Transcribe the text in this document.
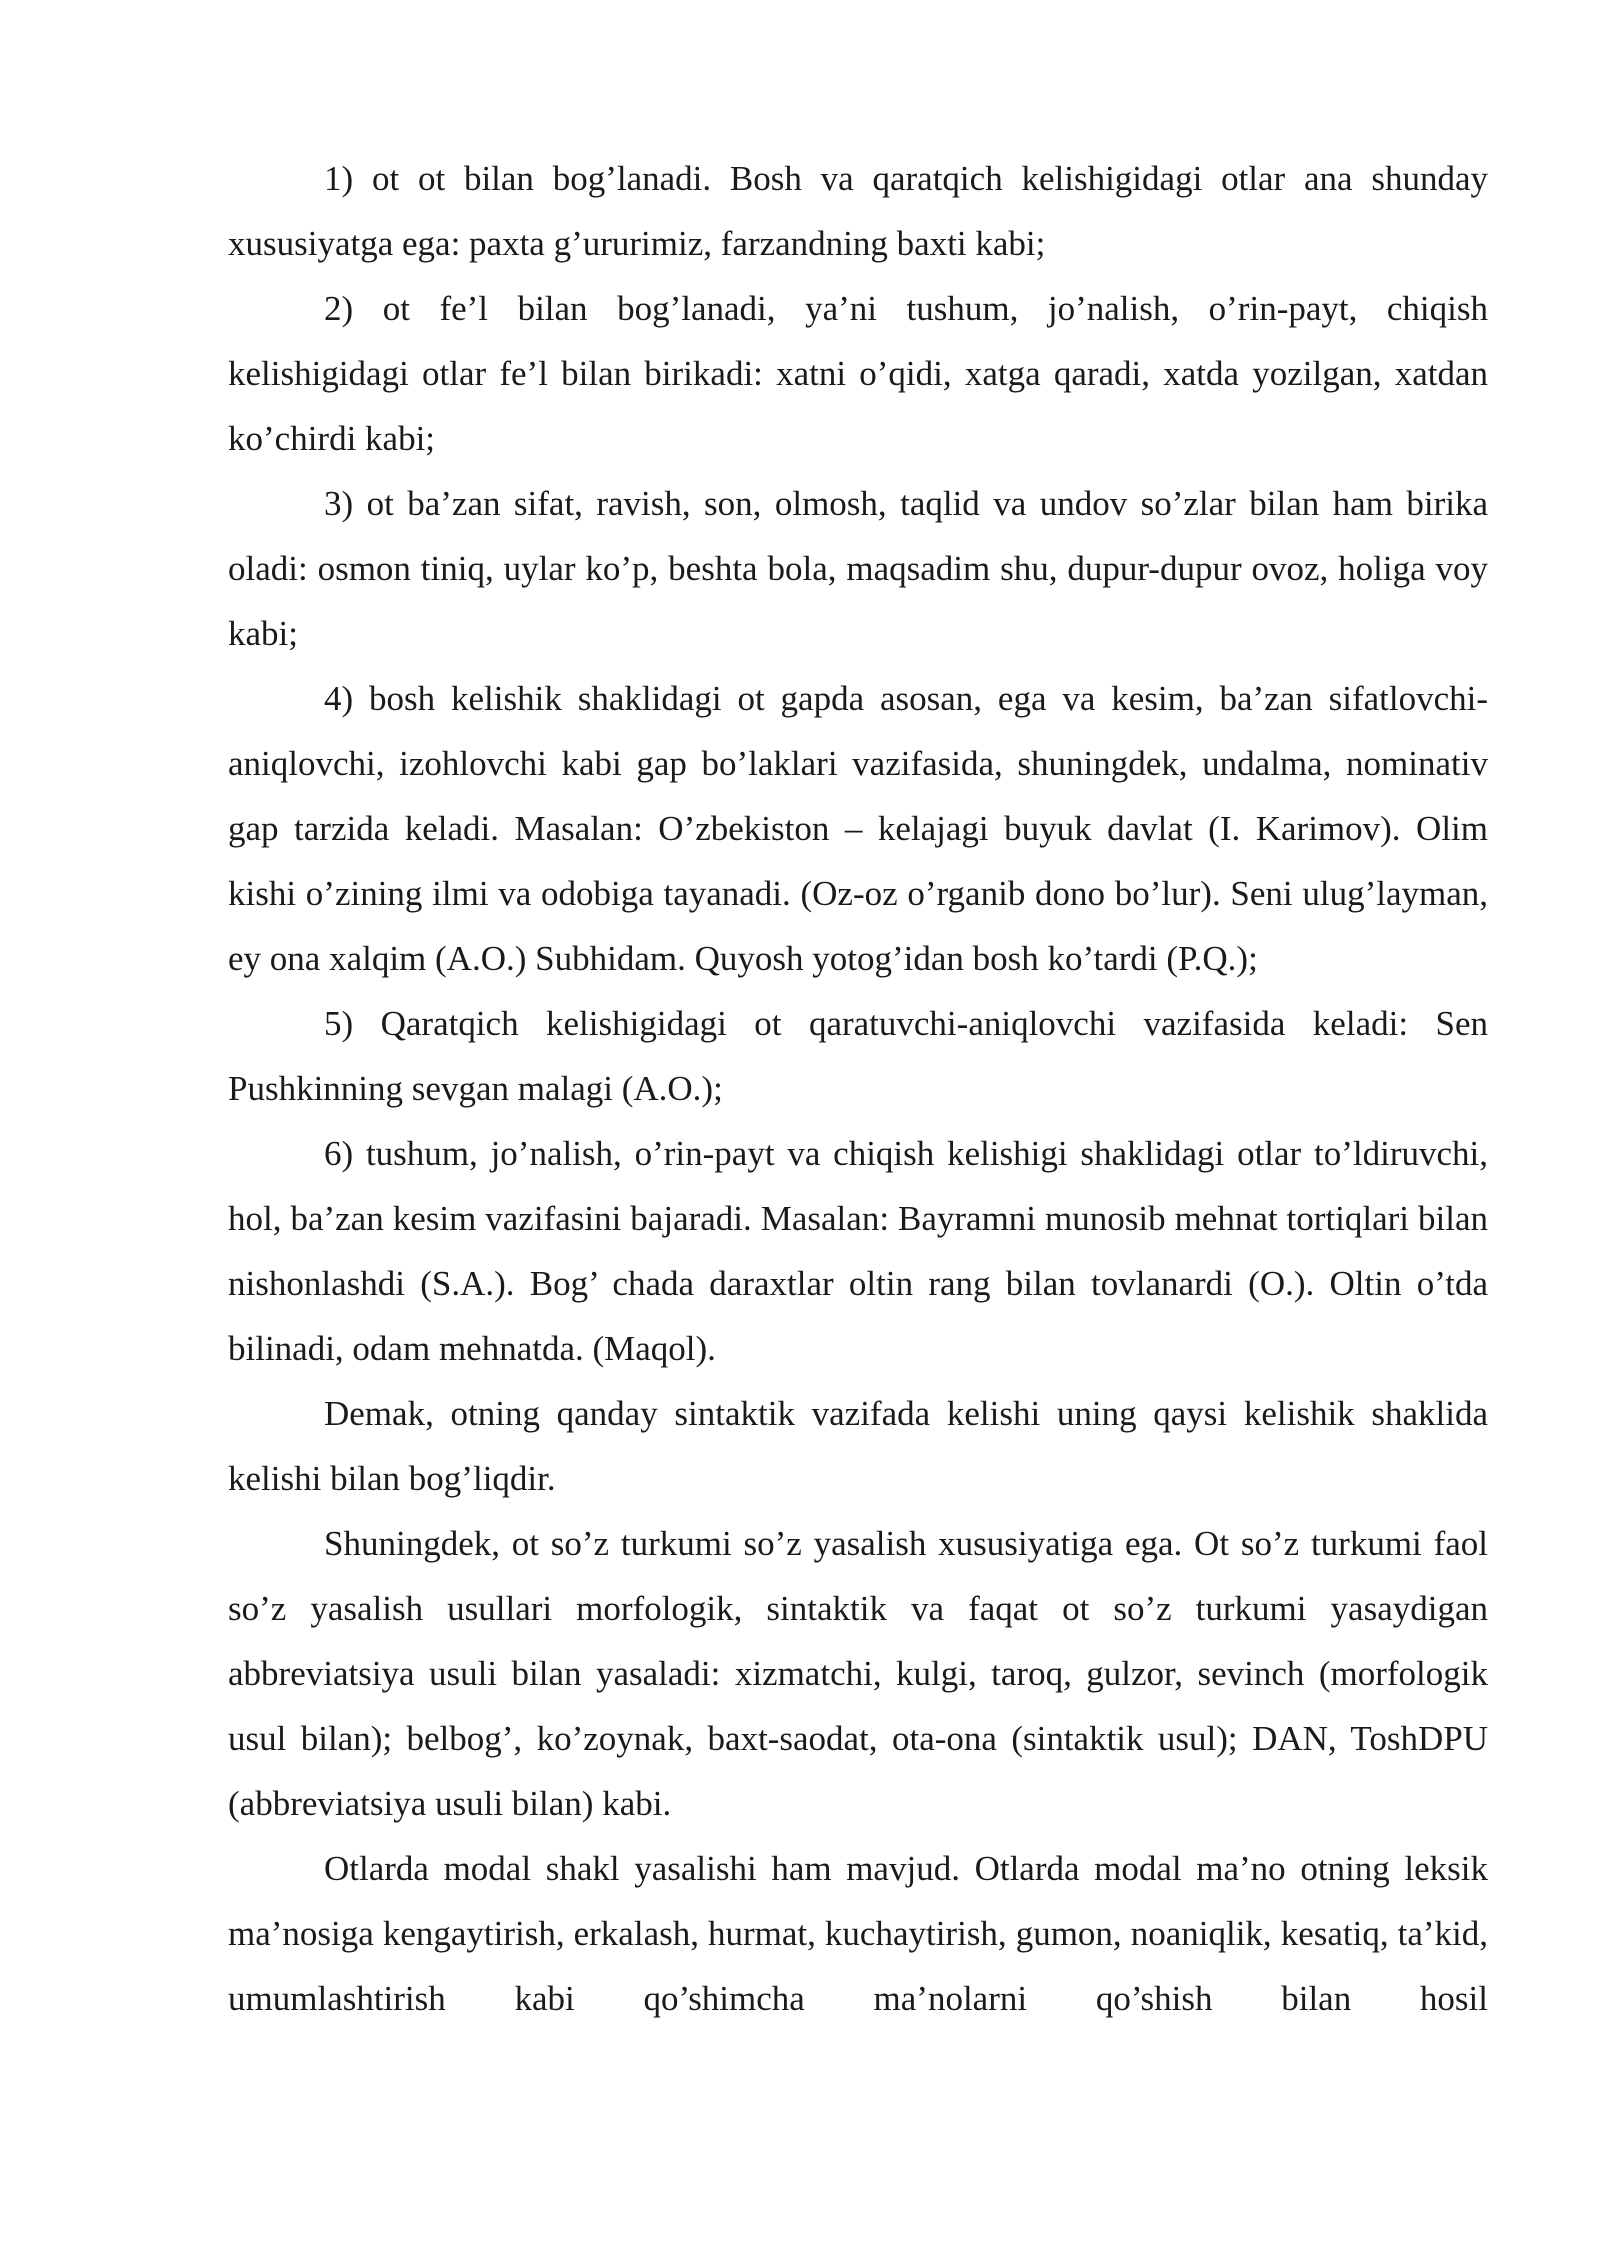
1) ot ot bilan bog’lanadi. Bosh va qaratqich kelishigidagi otlar ana shunday xususiyatga ega: paxta g’ururimiz, farzandning baxti kabi;

2) ot fe’l bilan bog’lanadi, ya’ni tushum, jo’nalish, o’rin-payt, chiqish kelishigidagi otlar fe’l bilan birikadi: xatni o’qidi, xatga qaradi, xatda yozilgan, xatdan ko’chirdi kabi;

3) ot ba’zan sifat, ravish, son, olmosh, taqlid va undov so’zlar bilan ham birika oladi: osmon tiniq, uylar ko’p, beshta bola, maqsadim shu, dupur-dupur ovoz, holiga voy kabi;

4) bosh kelishik shaklidagi ot gapda asosan, ega va kesim, ba’zan sifatlovchi-aniqlovchi, izohlovchi kabi gap bo’laklari vazifasida, shuningdek, undalma, nominativ gap tarzida keladi. Masalan: O’zbekiston – kelajagi buyuk davlat (I. Karimov). Olim kishi o’zining ilmi va odobiga tayanadi. (Oz-oz o’rganib dono bo’lur). Seni ulug’layman, ey ona xalqim (A.O.) Subhidam. Quyosh yotog’idan bosh ko’tardi (P.Q.);

5) Qaratqich kelishigidagi ot qaratuvchi-aniqlovchi vazifasida keladi: Sen Pushkinning sevgan malagi (A.O.);

6) tushum, jo’nalish, o’rin-payt va chiqish kelishigi shaklidagi otlar to’ldiruvchi, hol, ba’zan kesim vazifasini bajaradi. Masalan: Bayramni munosib mehnat tortiqlari bilan nishonlashdi (S.A.). Bog’ chada daraxtlar oltin rang bilan tovlanardi (O.). Oltin o’tda bilinadi, odam mehnatda. (Maqol).

Demak, otning qanday sintaktik vazifada kelishi uning qaysi kelishik shaklida kelishi bilan bog’liqdir.

Shuningdek, ot so’z turkumi so’z yasalish xususiyatiga ega. Ot so’z turkumi faol so’z yasalish usullari morfologik, sintaktik va faqat ot so’z turkumi yasaydigan abbreviatsiya usuli bilan yasaladi: xizmatchi, kulgi, taroq, gulzor, sevinch (morfologik usul bilan); belbog’, ko’zoynak, baxt-saodat, ota-ona (sintaktik usul); DAN, ToshDPU (abbreviatsiya usuli bilan) kabi.

Otlarda modal shakl yasalishi ham mavjud. Otlarda modal ma’no otning leksik ma’nosiga kengaytirish, erkalash, hurmat, kuchaytirish, gumon, noaniqlik, kesatiq, ta’kid, umumlashtirish kabi qo’shimcha ma’nolarni qo’shish bilan hosil
